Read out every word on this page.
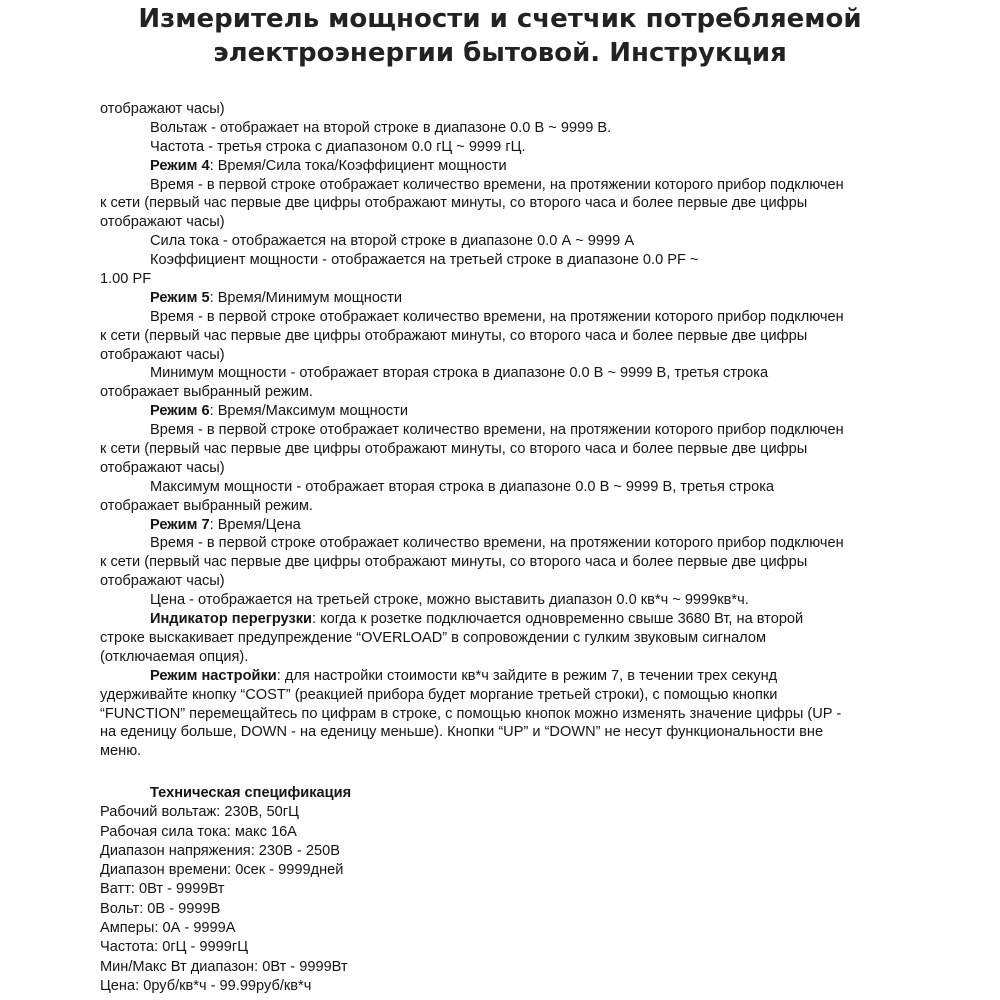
Измеритель мощности и счетчик потребляемой
электроэнергии бытовой. Инструкция
отображают часы)
Вольтаж - отображает на второй строке в диапазоне 0.0 В ~ 9999 В.
Частота - третья строка с диапазоном 0.0 гЦ ~ 9999 гЦ.
Режим 4: Время/Сила тока/Коэффициент мощности
Время - в первой строке отображает количество времени, на протяжении которого прибор подключен
к сети (первый час первые две цифры отображают минуты, со второго часа и более первые две цифры
отображают часы)
Сила тока - отображается на второй строке в диапазоне 0.0 А ~ 9999 А
Коэффициент мощности - отображается на третьей строке в диапазоне 0.0 PF ~
1.00 PF
Режим 5: Время/Минимум мощности
Время - в первой строке отображает количество времени, на протяжении которого прибор подключен
к сети (первый час первые две цифры отображают минуты, со второго часа и более первые две цифры
отображают часы)
Минимум мощности - отображает вторая строка в диапазоне 0.0 В ~ 9999 В, третья строка
отображает выбранный режим.
Режим 6: Время/Максимум мощности
Время - в первой строке отображает количество времени, на протяжении которого прибор подключен
к сети (первый час первые две цифры отображают минуты, со второго часа и более первые две цифры
отображают часы)
Максимум мощности - отображает вторая строка в диапазоне 0.0 В ~ 9999 В, третья строка
отображает выбранный режим.
Режим 7: Время/Цена
Время - в первой строке отображает количество времени, на протяжении которого прибор подключен
к сети (первый час первые две цифры отображают минуты, со второго часа и более первые две цифры
отображают часы)
Цена - отображается на третьей строке, можно выставить диапазон 0.0 кв*ч ~ 9999кв*ч.
Индикатор перегрузки: когда к розетке подключается одновременно свыше 3680 Вт, на второй
строке выскакивает предупреждение “OVERLOAD” в сопровождении с гулким звуковым сигналом
(отключаемая опция).
Режим настройки: для настройки стоимости кв*ч зайдите в режим 7, в течении трех секунд
удерживайте кнопку “COST” (реакцией прибора будет моргание третьей строки), с помощью кнопки
“FUNCTION” перемещайтесь по цифрам в строке, с помощью кнопок можно изменять значение цифры (UP -
на еденицу больше, DOWN - на еденицу меньше). Кнопки “UP” и “DOWN” не несут функциональности вне
меню.
Техническая спецификация
Рабочий вольтаж: 230В, 50гЦ
Рабочая сила тока: макс 16А
Диапазон напряжения: 230В - 250В
Диапазон времени: 0сек - 9999дней
Ватт: 0Вт - 9999Вт
Вольт: 0В - 9999В
Амперы: 0А - 9999А
Частота: 0гЦ - 9999гЦ
Мин/Макс Вт диапазон: 0Вт - 9999Вт
Цена: 0руб/кв*ч - 99.99руб/кв*ч
